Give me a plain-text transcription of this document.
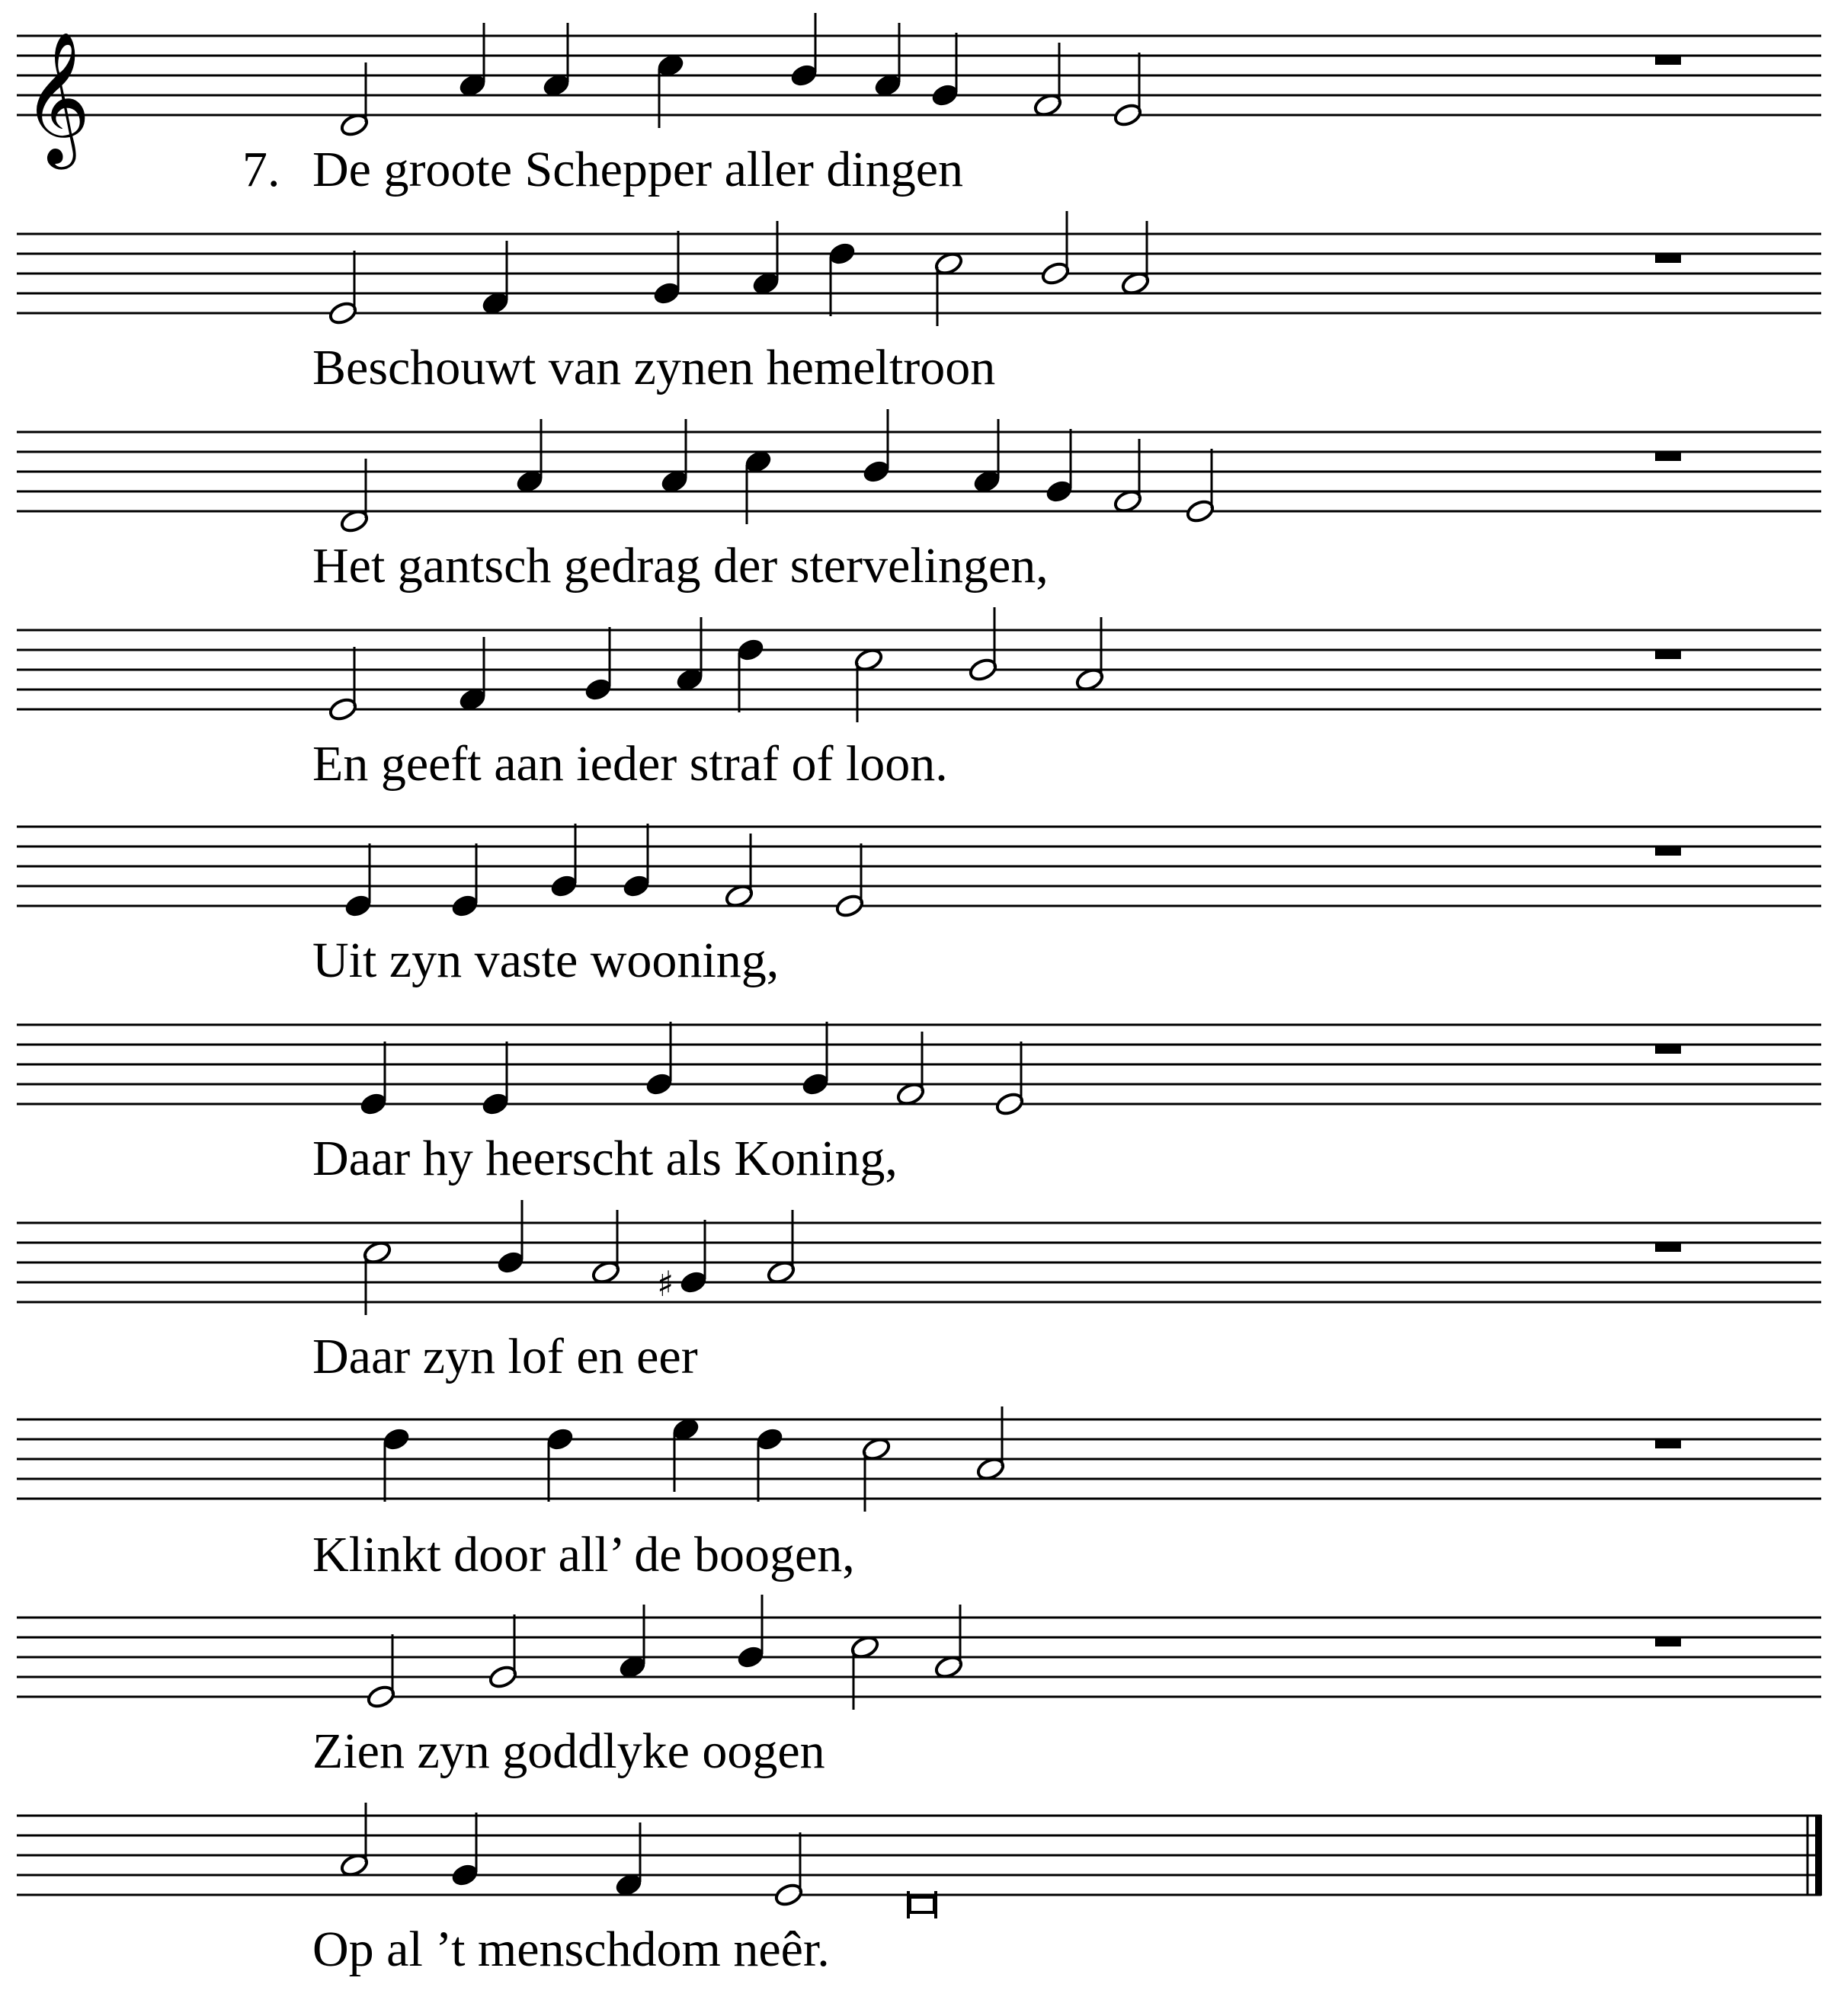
𝄞
♯
7. De groote Schepper aller dingen
Beschouwt van zynen hemeltroon
Het gantsch gedrag der stervelingen,
En geeft aan ieder straf of loon.
Uit zyn vaste wooning,
Daar hy heerscht als Koning,
Daar zyn lof en eer
Klinkt door all’ de boogen,
Zien zyn goddlyke oogen
Op al ’t menschdom neêr.
